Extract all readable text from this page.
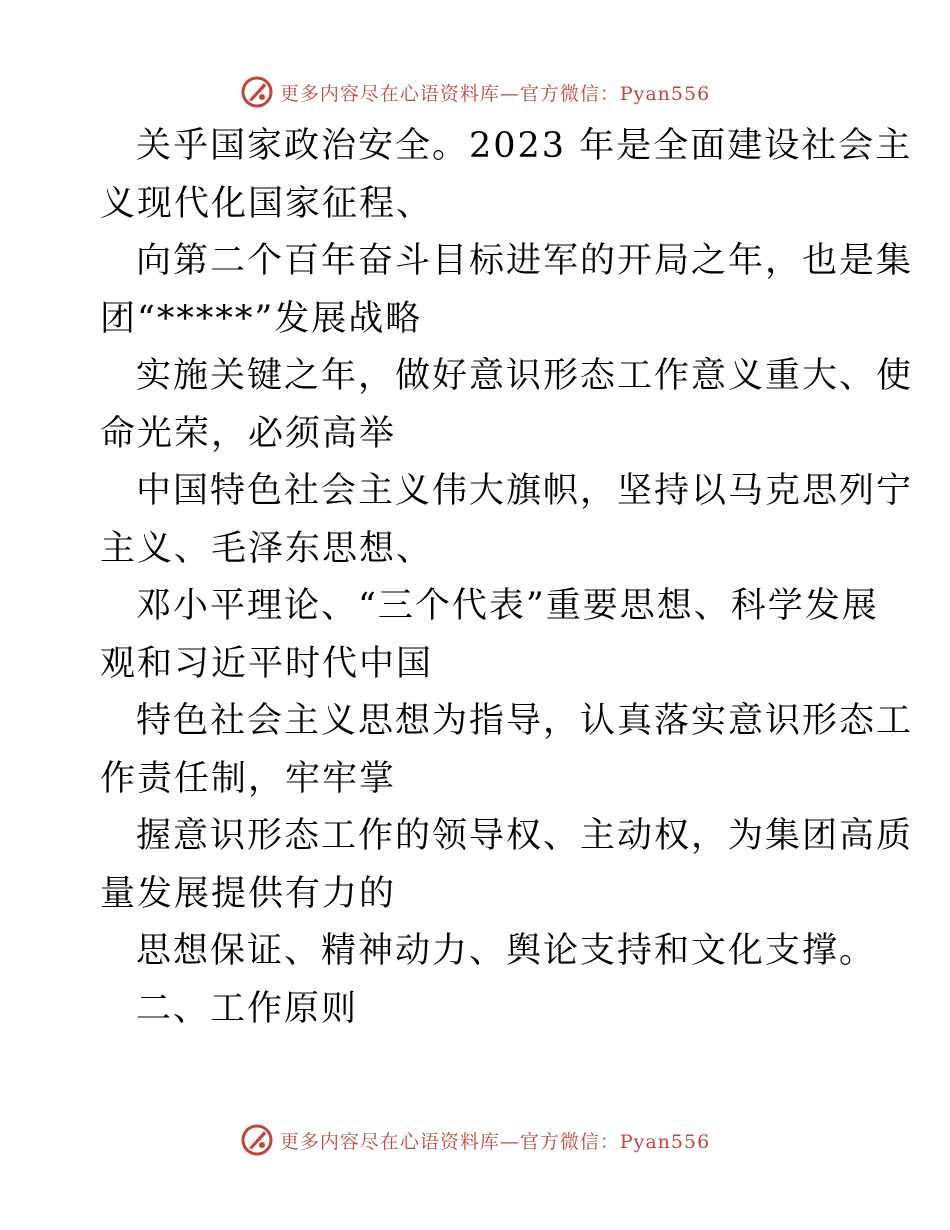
更多内容尽在心语资料库—官方微信：Pyan556

关乎国家政治安全。2023 年是全面建设社会主
义现代化国家征程、

向第二个百年奋斗目标进军的开局之年，也是集
团“*****”发展战略

实施关键之年，做好意识形态工作意义重大、使
命光荣，必须高举

中国特色社会主义伟大旗帜，坚持以马克思列宁
主义、毛泽东思想、

邓小平理论、“三个代表”重要思想、科学发展
观和习近平时代中国

特色社会主义思想为指导，认真落实意识形态工
作责任制，牢牢掌

握意识形态工作的领导权、主动权，为集团高质
量发展提供有力的

思想保证、精神动力、舆论支持和文化支撑。

二、工作原则

更多内容尽在心语资料库—官方微信：Pyan556
